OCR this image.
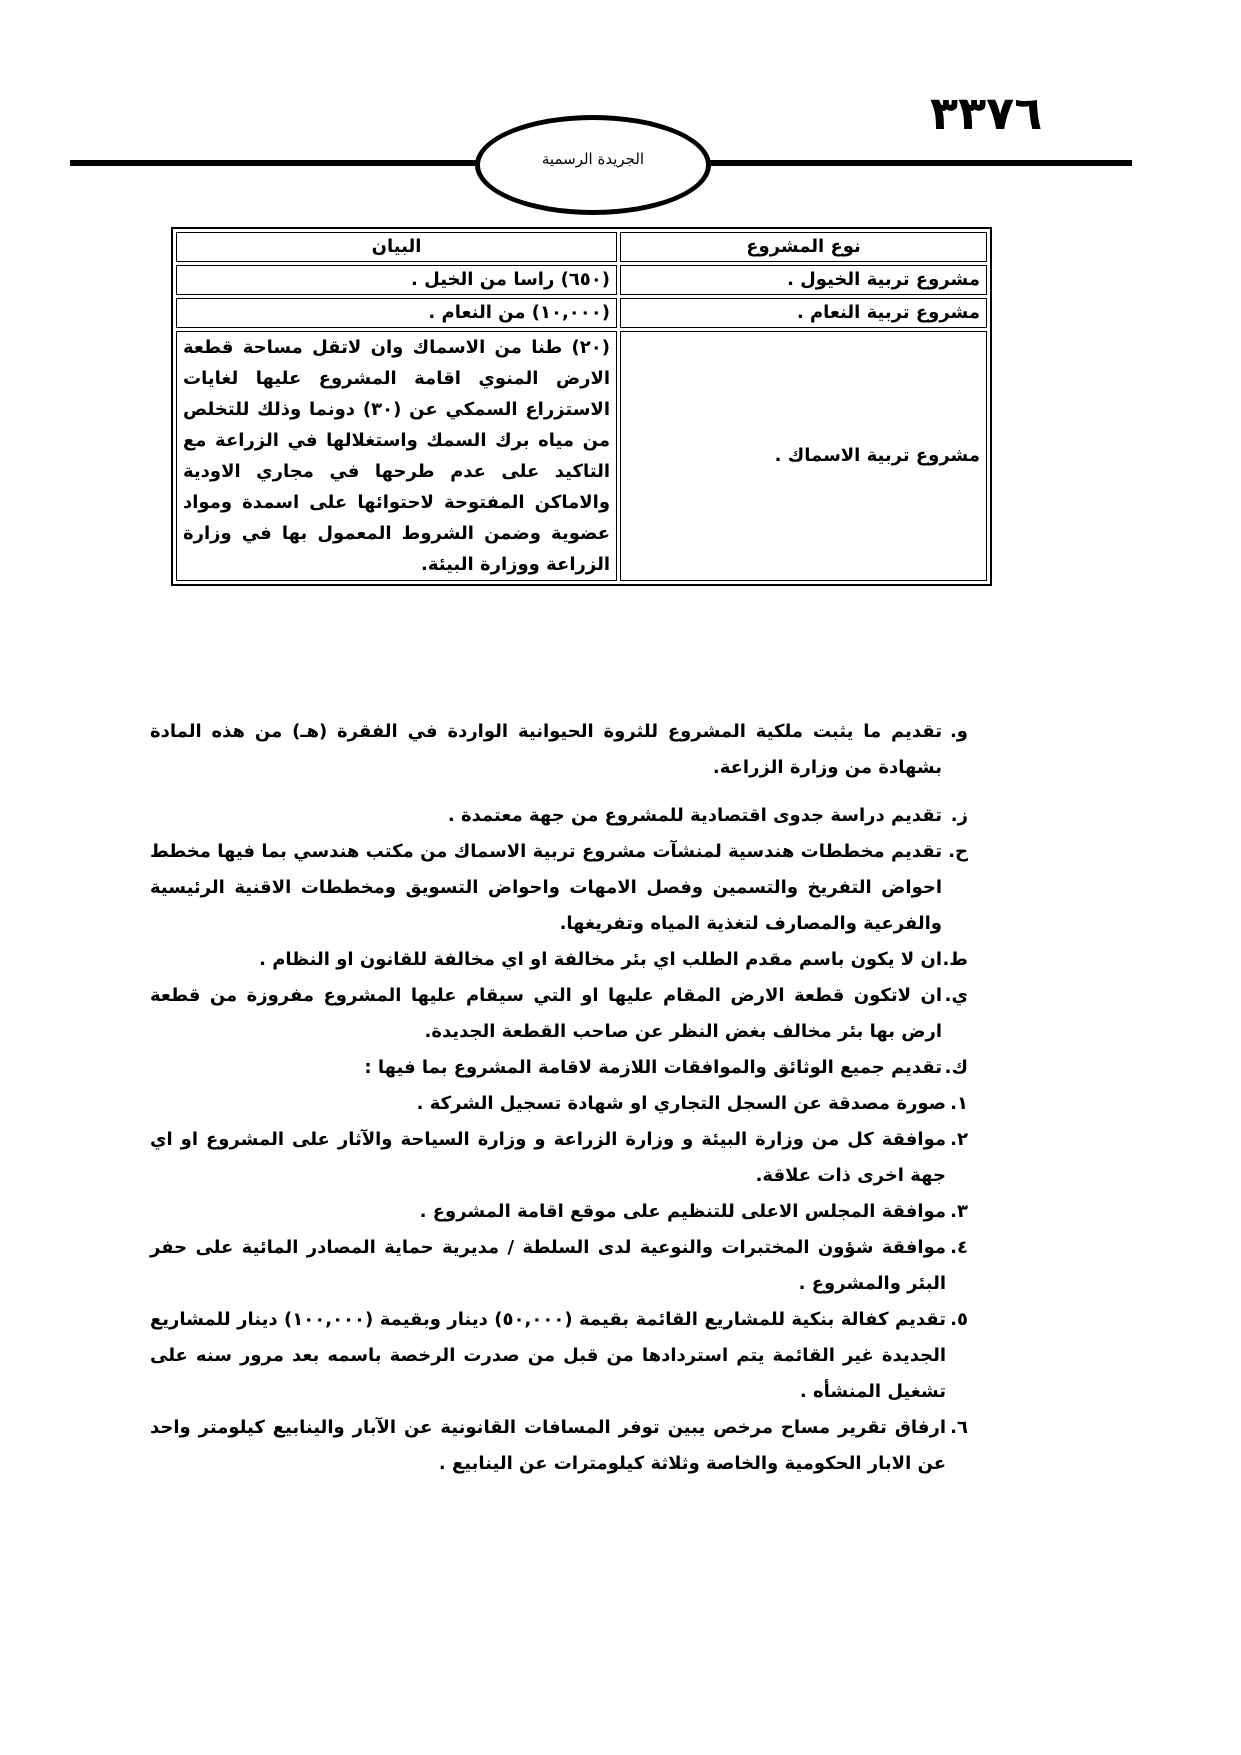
٣٣٧٦
الجريدة الرسمية
نوع المشروع	البيان
مشروع تربية الخيول .	(٦٥٠) راسا من الخيل .
مشروع تربية النعام .	(١٠,٠٠٠) من النعام .
مشروع تربية الاسماك .	(٢٠) طنا من الاسماك وان لاتقل مساحة قطعة الارض المنوي اقامة المشروع عليها لغايات الاستزراع السمكي عن (٣٠) دونما وذلك للتخلص من مياه برك السمك واستغلالها في الزراعة مع التاكيد على عدم طرحها في مجاري الاودية والاماكن المفتوحة لاحتوائها على اسمدة ومواد عضوية وضمن الشروط المعمول بها في وزارة الزراعة ووزارة البيئة.
و.
تقديم ما يثبت ملكية المشروع للثروة الحيوانية الواردة في الفقرة (هـ) من هذه المادة بشهادة من وزارة الزراعة.
ز.
تقديم دراسة جدوى اقتصادية للمشروع من جهة معتمدة .
ح.
تقديم مخططات هندسية لمنشآت مشروع تربية الاسماك من مكتب هندسي بما فيها مخطط احواض التفريخ والتسمين وفصل الامهات واحواض التسويق ومخططات الاقنية الرئيسية والفرعية والمصارف لتغذية المياه وتفريغها.
ط.
ان لا يكون باسم مقدم الطلب اي بئر مخالفة او اي مخالفة للقانون او النظام .
ي.
ان لاتكون قطعة الارض المقام عليها او التي سيقام عليها المشروع مفروزة من قطعة ارض بها بئر مخالف بغض النظر عن صاحب القطعة الجديدة.
ك.
تقديم جميع الوثائق والموافقات اللازمة لاقامة المشروع بما فيها :
١.
صورة مصدقة عن السجل التجاري او شهادة تسجيل الشركة .
٢.
موافقة كل من وزارة البيئة و وزارة الزراعة و وزارة السياحة والآثار على المشروع او اي جهة اخرى ذات علاقة.
٣.
موافقة المجلس الاعلى للتنظيم على موقع اقامة المشروع .
٤.
موافقة شؤون المختبرات والنوعية لدى السلطة / مديرية حماية المصادر المائية على حفر البئر والمشروع .
٥.
تقديم كفالة بنكية للمشاريع القائمة بقيمة (٥٠,٠٠٠) دينار وبقيمة (١٠٠,٠٠٠) دينار للمشاريع الجديدة غير القائمة يتم استردادها من قبل من صدرت الرخصة باسمه بعد مرور سنه على تشغيل المنشأه .
٦.
ارفاق تقرير مساح مرخص يبين توفر المسافات القانونية عن الآبار والينابيع كيلومتر واحد عن الابار الحكومية والخاصة وثلاثة كيلومترات عن الينابيع .
